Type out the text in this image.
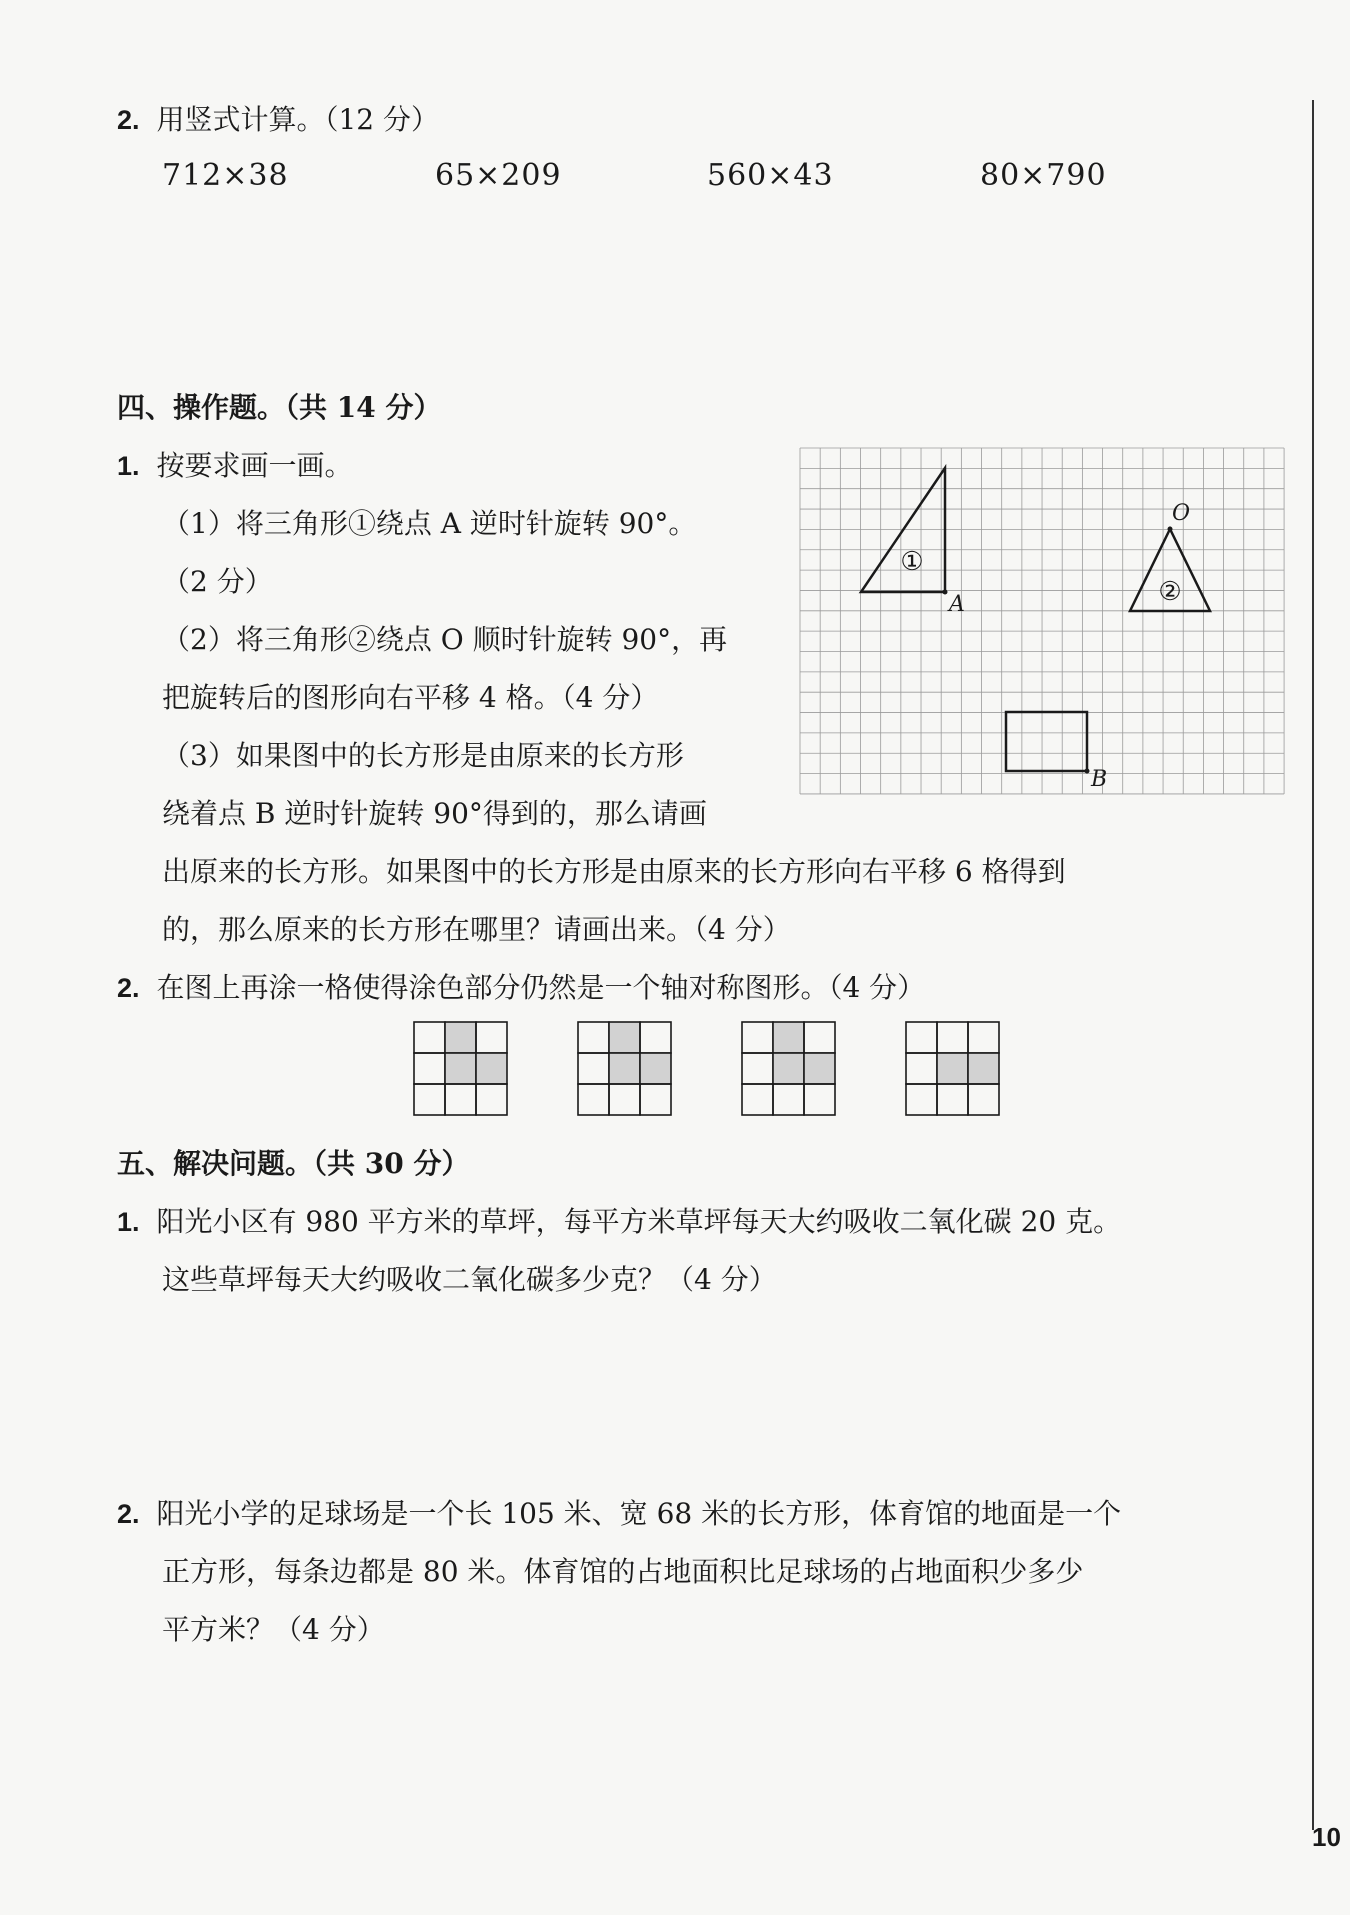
2. 用竖式计算。（12 分）
712×38	65×209	560×43	80×790
四、操作题。（共 14 分）
1. 按要求画一画。
（1）将三角形①绕点 A 逆时针旋转 90°。
（2 分）
（2）将三角形②绕点 O 顺时针旋转 90°，再
把旋转后的图形向右平移 4 格。（4 分）
（3）如果图中的长方形是由原来的长方形
绕着点 B 逆时针旋转 90°得到的，那么请画
出原来的长方形。如果图中的长方形是由原来的长方形向右平移 6 格得到
的，那么原来的长方形在哪里？请画出来。（4 分）
①
A
O
②
B
2. 在图上再涂一格使得涂色部分仍然是一个轴对称图形。（4 分）
五、解决问题。（共 30 分）
1. 阳光小区有 980 平方米的草坪，每平方米草坪每天大约吸收二氧化碳 20 克。
这些草坪每天大约吸收二氧化碳多少克？（4 分）
2. 阳光小学的足球场是一个长 105 米、宽 68 米的长方形，体育馆的地面是一个
正方形，每条边都是 80 米。体育馆的占地面积比足球场的占地面积少多少
平方米？（4 分）
10
